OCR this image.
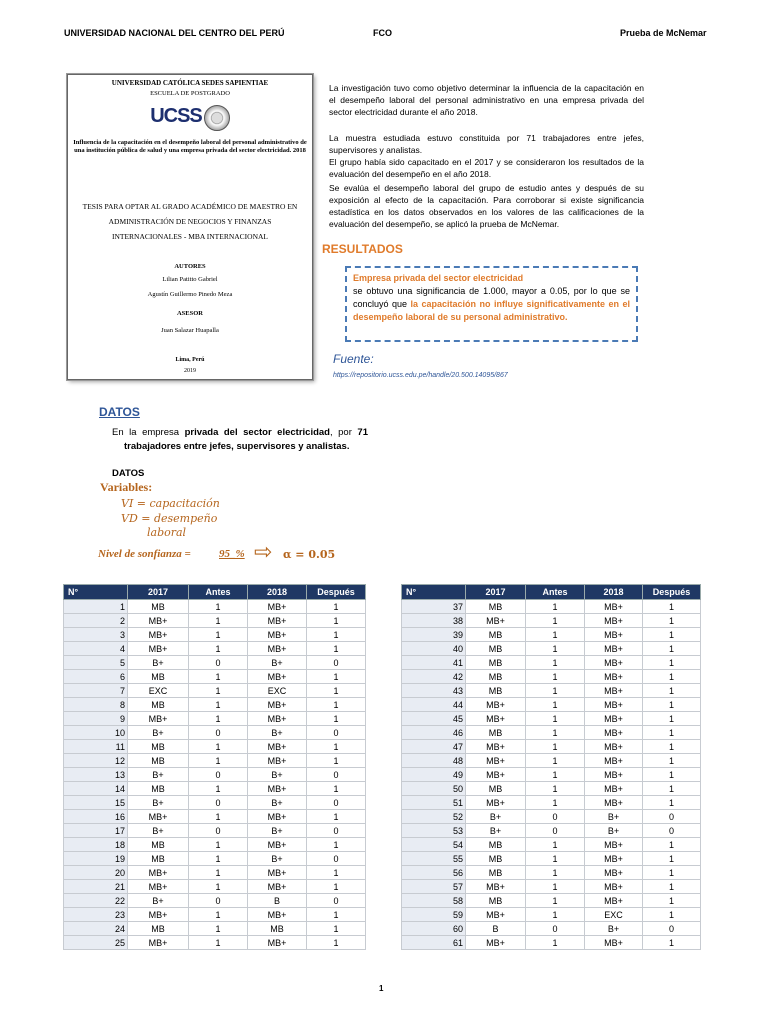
UNIVERSIDAD NACIONAL DEL CENTRO DEL PERÚ	FCO	Prueba de McNemar
UNIVERSIDAD CATÓLICA SEDES SAPIENTIAE
ESCUELA DE POSTGRADO
UCSS
Influencia de la capacitación en el desempeño laboral del personal administrativo de una institución pública de salud y una empresa privada del sector electricidad. 2018
TESIS PARA OPTAR AL GRADO ACADÉMICO DE MAESTRO EN ADMINISTRACIÓN DE NEGOCIOS Y FINANZAS INTERNACIONALES - MBA INTERNACIONAL
AUTORES
Lilian Patitto Gabriel
Agustín Guillermo Pinedo Meza
ASESOR
Juan Salazar Huapalla
Lima, Perú
2019
La investigación tuvo como objetivo determinar la influencia de la capacitación en el desempeño laboral del personal administrativo en una empresa privada del sector electricidad durante el año 2018.
La muestra estudiada estuvo constituida por 71 trabajadores entre jefes, supervisores y analistas.
El grupo había sido capacitado en el 2017 y se consideraron los resultados de la evaluación del desempeño en el año 2018.
Se evalúa el desempeño laboral del grupo de estudio antes y después de su exposición al efecto de la capacitación. Para corroborar si existe significancia estadística en los datos observados en los valores de las calificaciones de la evaluación del desempeño, se aplicó la prueba de McNemar.
RESULTADOS
Empresa privada del sector electricidad
se obtuvo una significancia de 1.000, mayor a 0.05, por lo que se concluyó que la capacitación no influye significativamente en el desempeño laboral de su personal administrativo.
Fuente:
https://repositorio.ucss.edu.pe/handle/20.500.14095/867
DATOS
En la empresa privada del sector electricidad, por 71
trabajadores entre jefes, supervisores y analistas.
DATOS
Variables:
VI = capacitación
VD = desempeño
laboral
Nivel de sonfianza =	95_% ⇨ α = 0.05
N°	2017	Antes	2018	Después
1	MB	1	MB+	1
2	MB+	1	MB+	1
3	MB+	1	MB+	1
4	MB+	1	MB+	1
5	B+	0	B+	0
6	MB	1	MB+	1
7	EXC	1	EXC	1
8	MB	1	MB+	1
9	MB+	1	MB+	1
10	B+	0	B+	0
11	MB	1	MB+	1
12	MB	1	MB+	1
13	B+	0	B+	0
14	MB	1	MB+	1
15	B+	0	B+	0
16	MB+	1	MB+	1
17	B+	0	B+	0
18	MB	1	MB+	1
19	MB	1	B+	0
20	MB+	1	MB+	1
21	MB+	1	MB+	1
22	B+	0	B	0
23	MB+	1	MB+	1
24	MB	1	MB	1
25	MB+	1	MB+	1
N°	2017	Antes	2018	Después
37	MB	1	MB+	1
38	MB+	1	MB+	1
39	MB	1	MB+	1
40	MB	1	MB+	1
41	MB	1	MB+	1
42	MB	1	MB+	1
43	MB	1	MB+	1
44	MB+	1	MB+	1
45	MB+	1	MB+	1
46	MB	1	MB+	1
47	MB+	1	MB+	1
48	MB+	1	MB+	1
49	MB+	1	MB+	1
50	MB	1	MB+	1
51	MB+	1	MB+	1
52	B+	0	B+	0
53	B+	0	B+	0
54	MB	1	MB+	1
55	MB	1	MB+	1
56	MB	1	MB+	1
57	MB+	1	MB+	1
58	MB	1	MB+	1
59	MB+	1	EXC	1
60	B	0	B+	0
61	MB+	1	MB+	1
1
